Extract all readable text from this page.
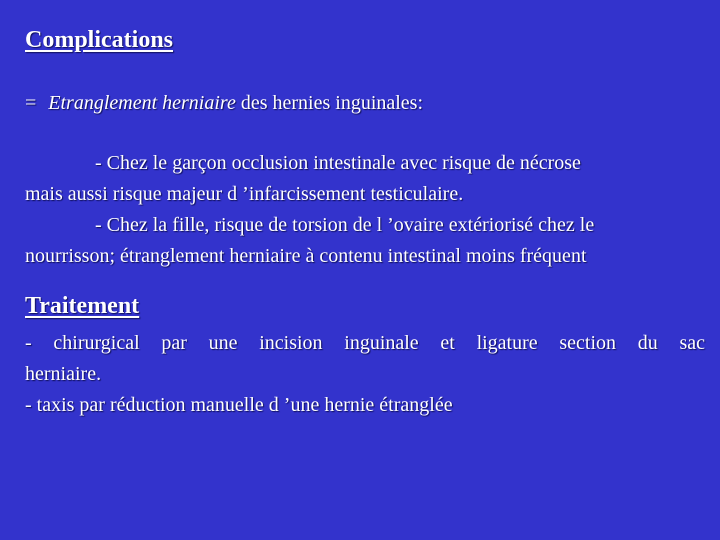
Complications
= Etranglement herniaire des hernies inguinales:
- Chez le garçon occlusion intestinale avec risque de nécrose
mais aussi risque majeur d ’infarcissement testiculaire.
- Chez la fille, risque de torsion de l ’ovaire extériorisé chez le
nourrisson; étranglement herniaire à contenu intestinal moins fréquent
Traitement
- chirurgical par une incision inguinale et ligature section du sac
herniaire.
- taxis par réduction manuelle d ’une hernie étranglée
